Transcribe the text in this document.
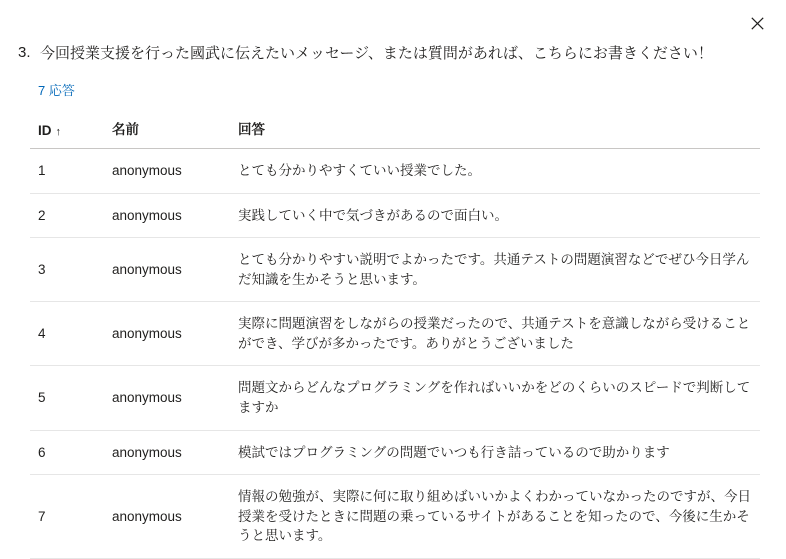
3. 今回授業支援を行った國武に伝えたいメッセージ、または質問があれば、こちらにお書きください！
7 応答
ID ↑	名前	回答
1	anonymous	とても分かりやすくていい授業でした。
2	anonymous	実践していく中で気づきがあるので面白い。
3	anonymous	とても分かりやすい説明でよかったです。共通テストの問題演習などでぜひ今日学んだ知識を生かそうと思います。
4	anonymous	実際に問題演習をしながらの授業だったので、共通テストを意識しながら受けることができ、学びが多かったです。ありがとうございました
5	anonymous	問題文からどんなプログラミングを作ればいいかをどのくらいのスピードで判断してますか
6	anonymous	模試ではプログラミングの問題でいつも行き詰っているので助かります
7	anonymous	情報の勉強が、実際に何に取り組めばいいかよくわかっていなかったのですが、今日授業を受けたときに問題の乗っているサイトがあることを知ったので、今後に生かそうと思います。
